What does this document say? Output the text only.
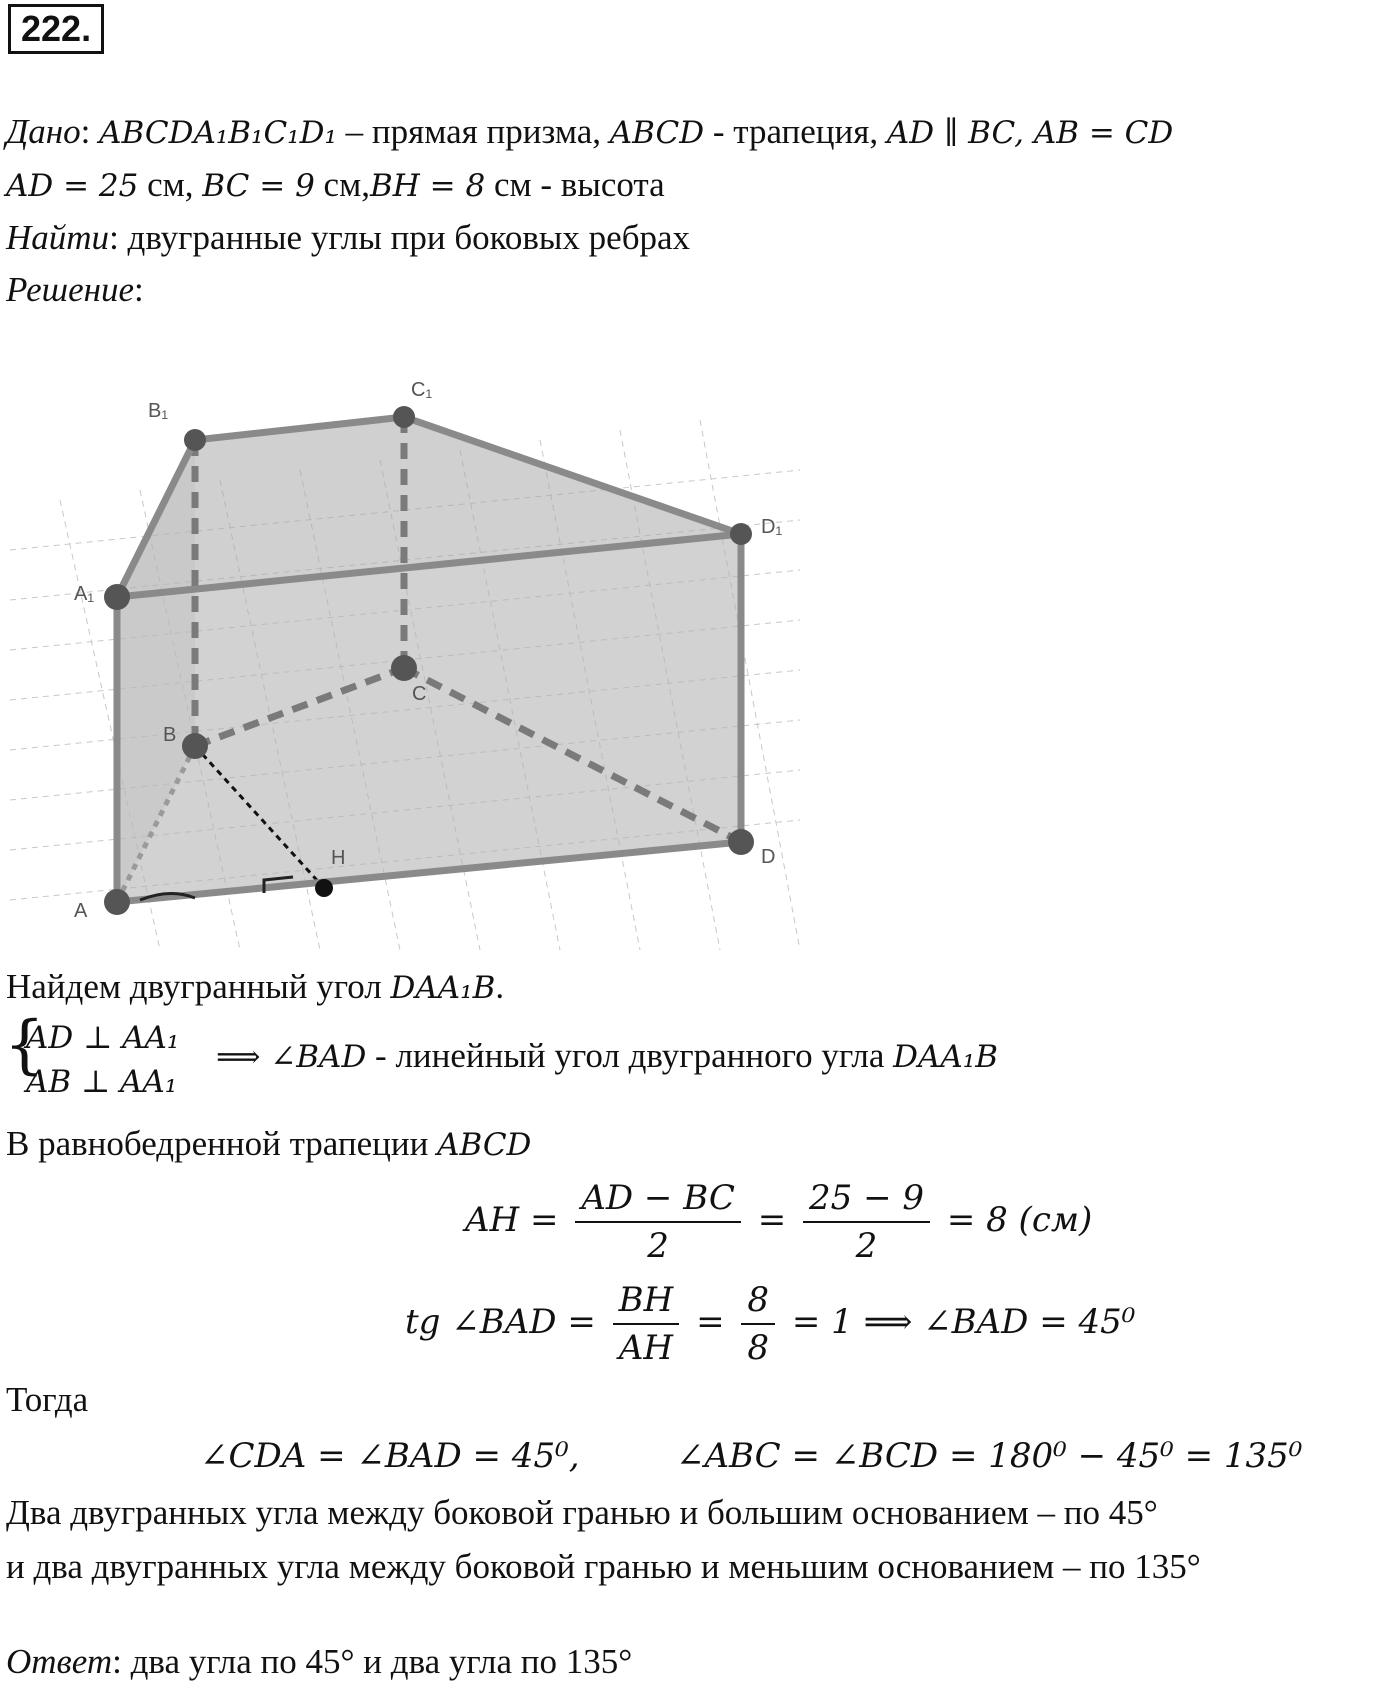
222.
Дано: ABCDA₁B₁C₁D₁ – прямая призма, ABCD - трапеция, AD ∥ BC, AB = CD
AD = 25 см, BC = 9 см,BH = 8 см - высота
Найти: двугранные углы при боковых ребрах
Решение:
B₁
C₁
D₁
A₁
C
B
H	D
A
Найдем двугранный угол DAA₁B.
{
AD ⊥ AA₁
AB ⊥ AA₁
⟹ ∠BAD - линейный угол двугранного угла DAA₁B
В равнобедренной трапеции ABCD
AH = $\frac{AD - BC}{2} = \frac{25 - 9}{2} = 8$ (см)
tg ∠BAD = $\frac{BH}{AH} = \frac{8}{8} = 1$ ⟹ ∠BAD = 45⁰
Тогда
∠CDA = ∠BAD = 45⁰,	∠ABC = ∠BCD = 180⁰ − 45⁰ = 135⁰
Два двугранных угла между боковой гранью и большим основанием – по 45°
и два двугранных угла между боковой гранью и меньшим основанием – по 135°
Ответ: два угла по 45° и два угла по 135°
